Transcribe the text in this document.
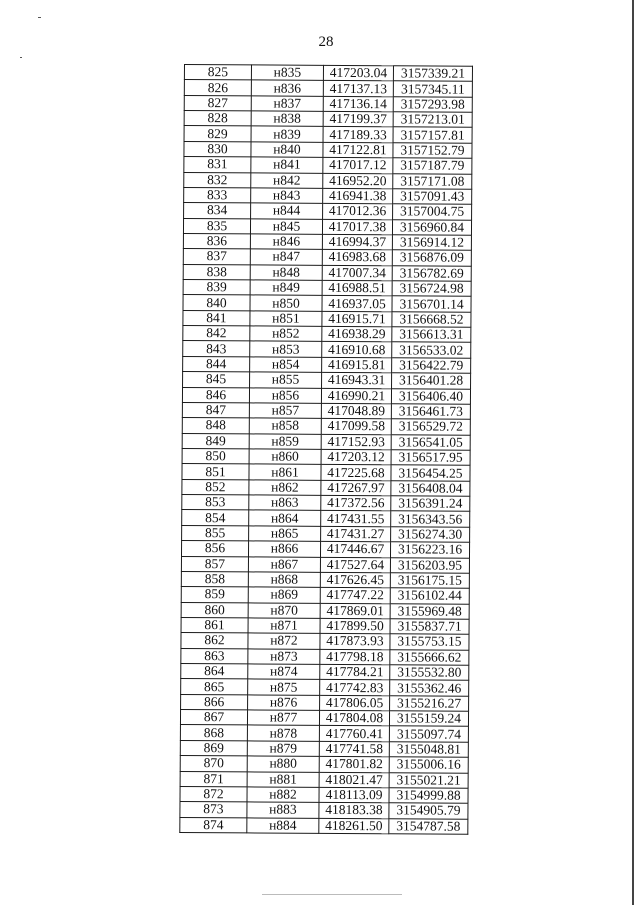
28
825	н835	417203.04	3157339.21
826	н836	417137.13	3157345.11
827	н837	417136.14	3157293.98
828	н838	417199.37	3157213.01
829	н839	417189.33	3157157.81
830	н840	417122.81	3157152.79
831	н841	417017.12	3157187.79
832	н842	416952.20	3157171.08
833	н843	416941.38	3157091.43
834	н844	417012.36	3157004.75
835	н845	417017.38	3156960.84
836	н846	416994.37	3156914.12
837	н847	416983.68	3156876.09
838	н848	417007.34	3156782.69
839	н849	416988.51	3156724.98
840	н850	416937.05	3156701.14
841	н851	416915.71	3156668.52
842	н852	416938.29	3156613.31
843	н853	416910.68	3156533.02
844	н854	416915.81	3156422.79
845	н855	416943.31	3156401.28
846	н856	416990.21	3156406.40
847	н857	417048.89	3156461.73
848	н858	417099.58	3156529.72
849	н859	417152.93	3156541.05
850	н860	417203.12	3156517.95
851	н861	417225.68	3156454.25
852	н862	417267.97	3156408.04
853	н863	417372.56	3156391.24
854	н864	417431.55	3156343.56
855	н865	417431.27	3156274.30
856	н866	417446.67	3156223.16
857	н867	417527.64	3156203.95
858	н868	417626.45	3156175.15
859	н869	417747.22	3156102.44
860	н870	417869.01	3155969.48
861	н871	417899.50	3155837.71
862	н872	417873.93	3155753.15
863	н873	417798.18	3155666.62
864	н874	417784.21	3155532.80
865	н875	417742.83	3155362.46
866	н876	417806.05	3155216.27
867	н877	417804.08	3155159.24
868	н878	417760.41	3155097.74
869	н879	417741.58	3155048.81
870	н880	417801.82	3155006.16
871	н881	418021.47	3155021.21
872	н882	418113.09	3154999.88
873	н883	418183.38	3154905.79
874	н884	418261.50	3154787.58
